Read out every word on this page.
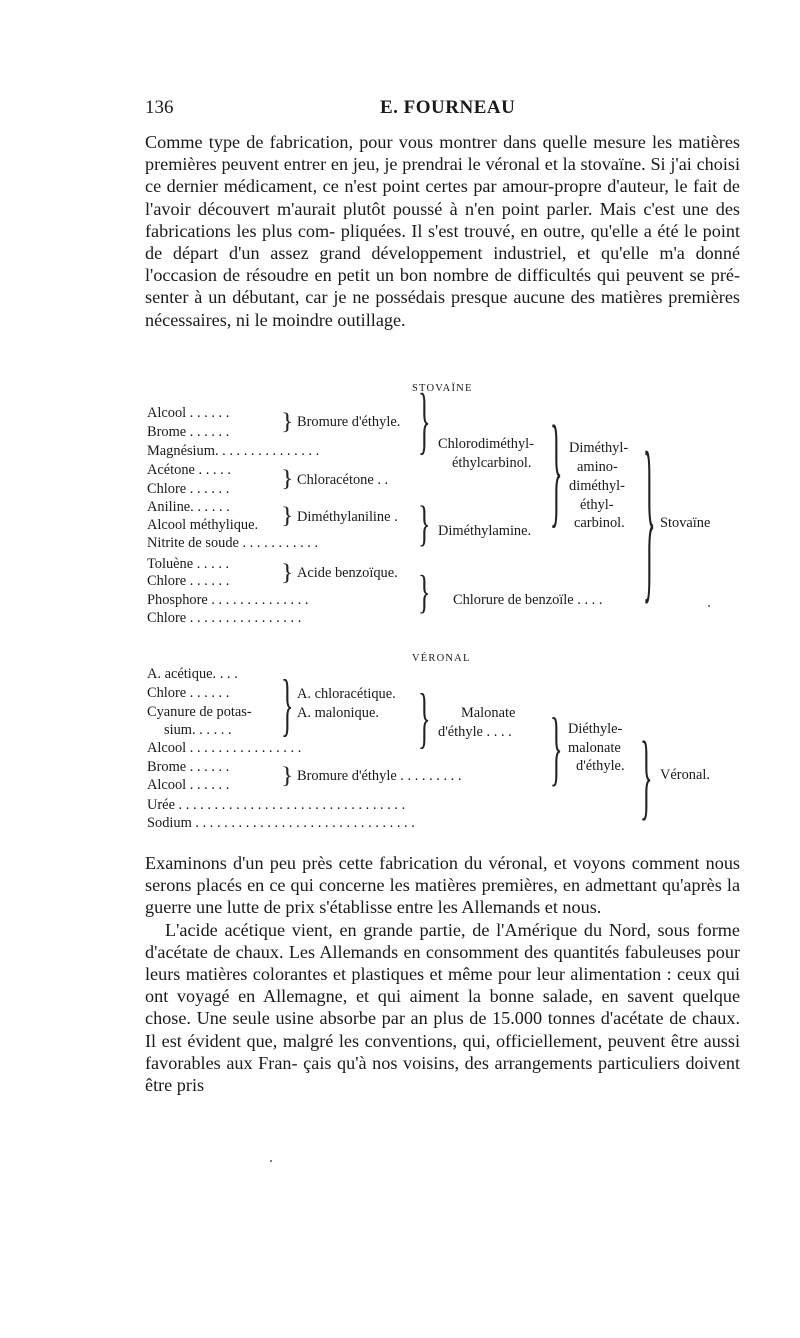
136	E. FOURNEAU

Comme type de fabrication, pour vous montrer dans quelle mesure les matières premières peuvent entrer en jeu, je prendrai le véronal et la stovaïne. Si j'ai choisi ce dernier médicament, ce n'est point certes par amour-propre d'auteur, le fait de l'avoir découvert m'aurait plutôt poussé à n'en point parler. Mais c'est une des fabrications les plus com- pliquées. Il s'est trouvé, en outre, qu'elle a été le point de départ d'un assez grand développement industriel, et qu'elle m'a donné l'occasion de résoudre en petit un bon nombre de difficultés qui peuvent se pré- senter à un débutant, car je ne possédais presque aucune des matières premières nécessaires, ni le moindre outillage.

STOVAÏNE
Alcool . . . . . .
Brome . . . . . .
Magnésium. . . . . . . . . . . . . . .
Acétone . . . . .
Chlore . . . . . .
Aniline. . . . . .
Alcool méthylique.
Nitrite de soude . . . . . . . . . . .
Toluène . . . . .
Chlore . . . . . .
Phosphore . . . . . . . . . . . . . .
Chlore . . . . . . . . . . . . . . . .
}
}
}
}
Bromure d'éthyle.
Chloracétone . .
Diméthylaniline .
Acide benzoïque.
}
}
}
Chlorodiméthyl-
éthylcarbinol.
Diméthylamine.
Chlorure de benzoïle . . . .
} Diméthyl-
amino-
diméthyl-
éthyl-
carbinol. } Stovaïne
VÉRONAL
A. acétique. . . .
Chlore . . . . . .
Cyanure de potas-
sium. . . . . .
Alcool . . . . . . . . . . . . . . . .
Brome . . . . . .
Alcool . . . . . .
Urée . . . . . . . . . . . . . . . . . . . . . . . . . . . . . . . .
Sodium . . . . . . . . . . . . . . . . . . . . . . . . . . . . . . .
}
}
A. chloracétique.
A. malonique.
Bromure d'éthyle . . . . . . . . .
} Malonate
d'éthyle . . . . } Diéthyle-
malonate
d'éthyle. } Véronal.

Examinons d'un peu près cette fabrication du véronal, et voyons comment nous serons placés en ce qui concerne les matières premières, en admettant qu'après la guerre une lutte de prix s'établisse entre les Allemands et nous.

L'acide acétique vient, en grande partie, de l'Amérique du Nord, sous forme d'acétate de chaux. Les Allemands en consomment des quantités fabuleuses pour leurs matières colorantes et plastiques et même pour leur alimentation : ceux qui ont voyagé en Allemagne, et qui aiment la bonne salade, en savent quelque chose. Une seule usine absorbe par an plus de 15.000 tonnes d'acétate de chaux. Il est évident que, malgré les conventions, qui, officiellement, peuvent être aussi favorables aux Fran- çais qu'à nos voisins, des arrangements particuliers doivent être pris
